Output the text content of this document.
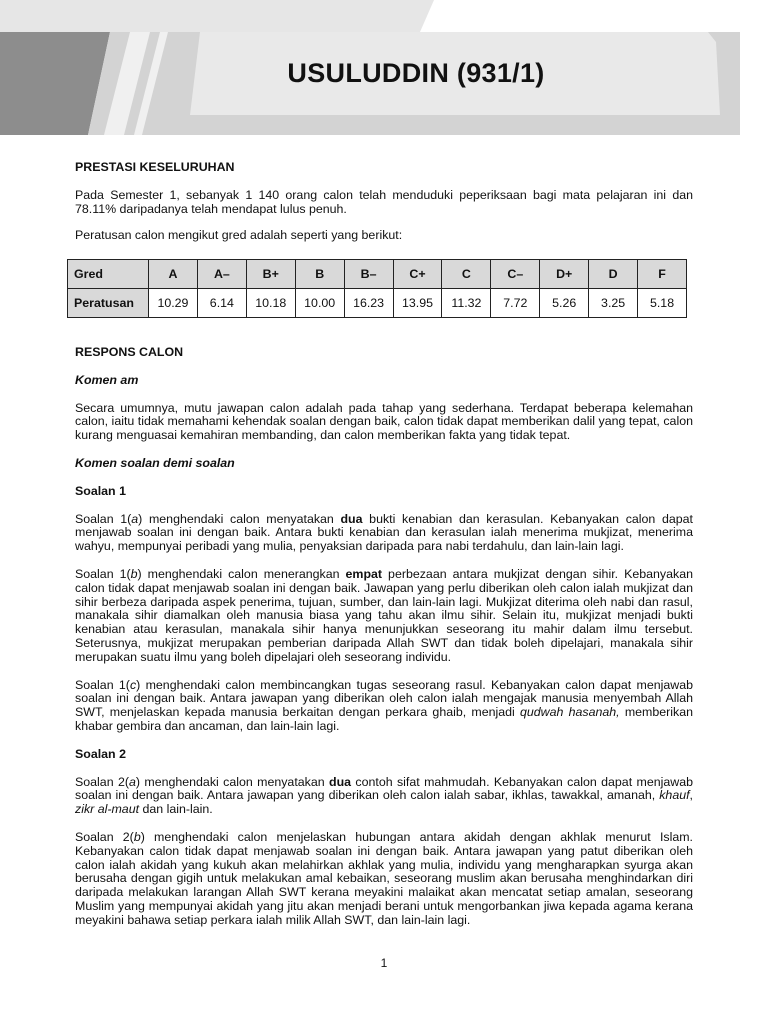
USULUDDIN (931/1)

PRESTASI KESELURUHAN

Pada Semester 1, sebanyak 1 140 orang calon telah menduduki peperiksaan bagi mata pelajaran ini dan 78.11% daripadanya telah mendapat lulus penuh.

Peratusan calon mengikut gred adalah seperti yang berikut:

Gred	A	A–	B+	B	B–	C+	C	C–	D+	D	F
Peratusan	10.29	6.14	10.18	10.00	16.23	13.95	11.32	7.72	5.26	3.25	5.18

RESPONS CALON

Komen am

Secara umumnya, mutu jawapan calon adalah pada tahap yang sederhana. Terdapat beberapa kelemahan calon, iaitu tidak memahami kehendak soalan dengan baik, calon tidak dapat memberikan dalil yang tepat, calon kurang menguasai kemahiran membanding, dan calon memberikan fakta yang tidak tepat.

Komen soalan demi soalan

Soalan 1

Soalan 1(a) menghendaki calon menyatakan dua bukti kenabian dan kerasulan. Kebanyakan calon dapat menjawab soalan ini dengan baik. Antara bukti kenabian dan kerasulan ialah menerima mukjizat, menerima wahyu, mempunyai peribadi yang mulia, penyaksian daripada para nabi terdahulu, dan lain-lain lagi.

Soalan 1(b) menghendaki calon menerangkan empat perbezaan antara mukjizat dengan sihir. Kebanyakan calon tidak dapat menjawab soalan ini dengan baik. Jawapan yang perlu diberikan oleh calon ialah mukjizat dan sihir berbeza daripada aspek penerima, tujuan, sumber, dan lain-lain lagi. Mukjizat diterima oleh nabi dan rasul, manakala sihir diamalkan oleh manusia biasa yang tahu akan ilmu sihir. Selain itu, mukjizat menjadi bukti kenabian atau kerasulan, manakala sihir hanya menunjukkan seseorang itu mahir dalam ilmu tersebut. Seterusnya, mukjizat merupakan pemberian daripada Allah SWT dan tidak boleh dipelajari, manakala sihir merupakan suatu ilmu yang boleh dipelajari oleh seseorang individu.

Soalan 1(c) menghendaki calon membincangkan tugas seseorang rasul. Kebanyakan calon dapat menjawab soalan ini dengan baik. Antara jawapan yang diberikan oleh calon ialah mengajak manusia menyembah Allah SWT, menjelaskan kepada manusia berkaitan dengan perkara ghaib, menjadi qudwah hasanah, memberikan khabar gembira dan ancaman, dan lain-lain lagi.

Soalan 2

Soalan 2(a) menghendaki calon menyatakan dua contoh sifat mahmudah. Kebanyakan calon dapat menjawab soalan ini dengan baik. Antara jawapan yang diberikan oleh calon ialah sabar, ikhlas, tawakkal, amanah, khauf, zikr al-maut dan lain-lain.

Soalan 2(b) menghendaki calon menjelaskan hubungan antara akidah dengan akhlak menurut Islam. Kebanyakan calon tidak dapat menjawab soalan ini dengan baik. Antara jawapan yang patut diberikan oleh calon ialah akidah yang kukuh akan melahirkan akhlak yang mulia, individu yang mengharapkan syurga akan berusaha dengan gigih untuk melakukan amal kebaikan, seseorang muslim akan berusaha menghindarkan diri daripada melakukan larangan Allah SWT kerana meyakini malaikat akan mencatat setiap amalan, seseorang Muslim yang mempunyai akidah yang jitu akan menjadi berani untuk mengorbankan jiwa kepada agama kerana meyakini bahawa setiap perkara ialah milik Allah SWT, dan lain-lain lagi.

1
